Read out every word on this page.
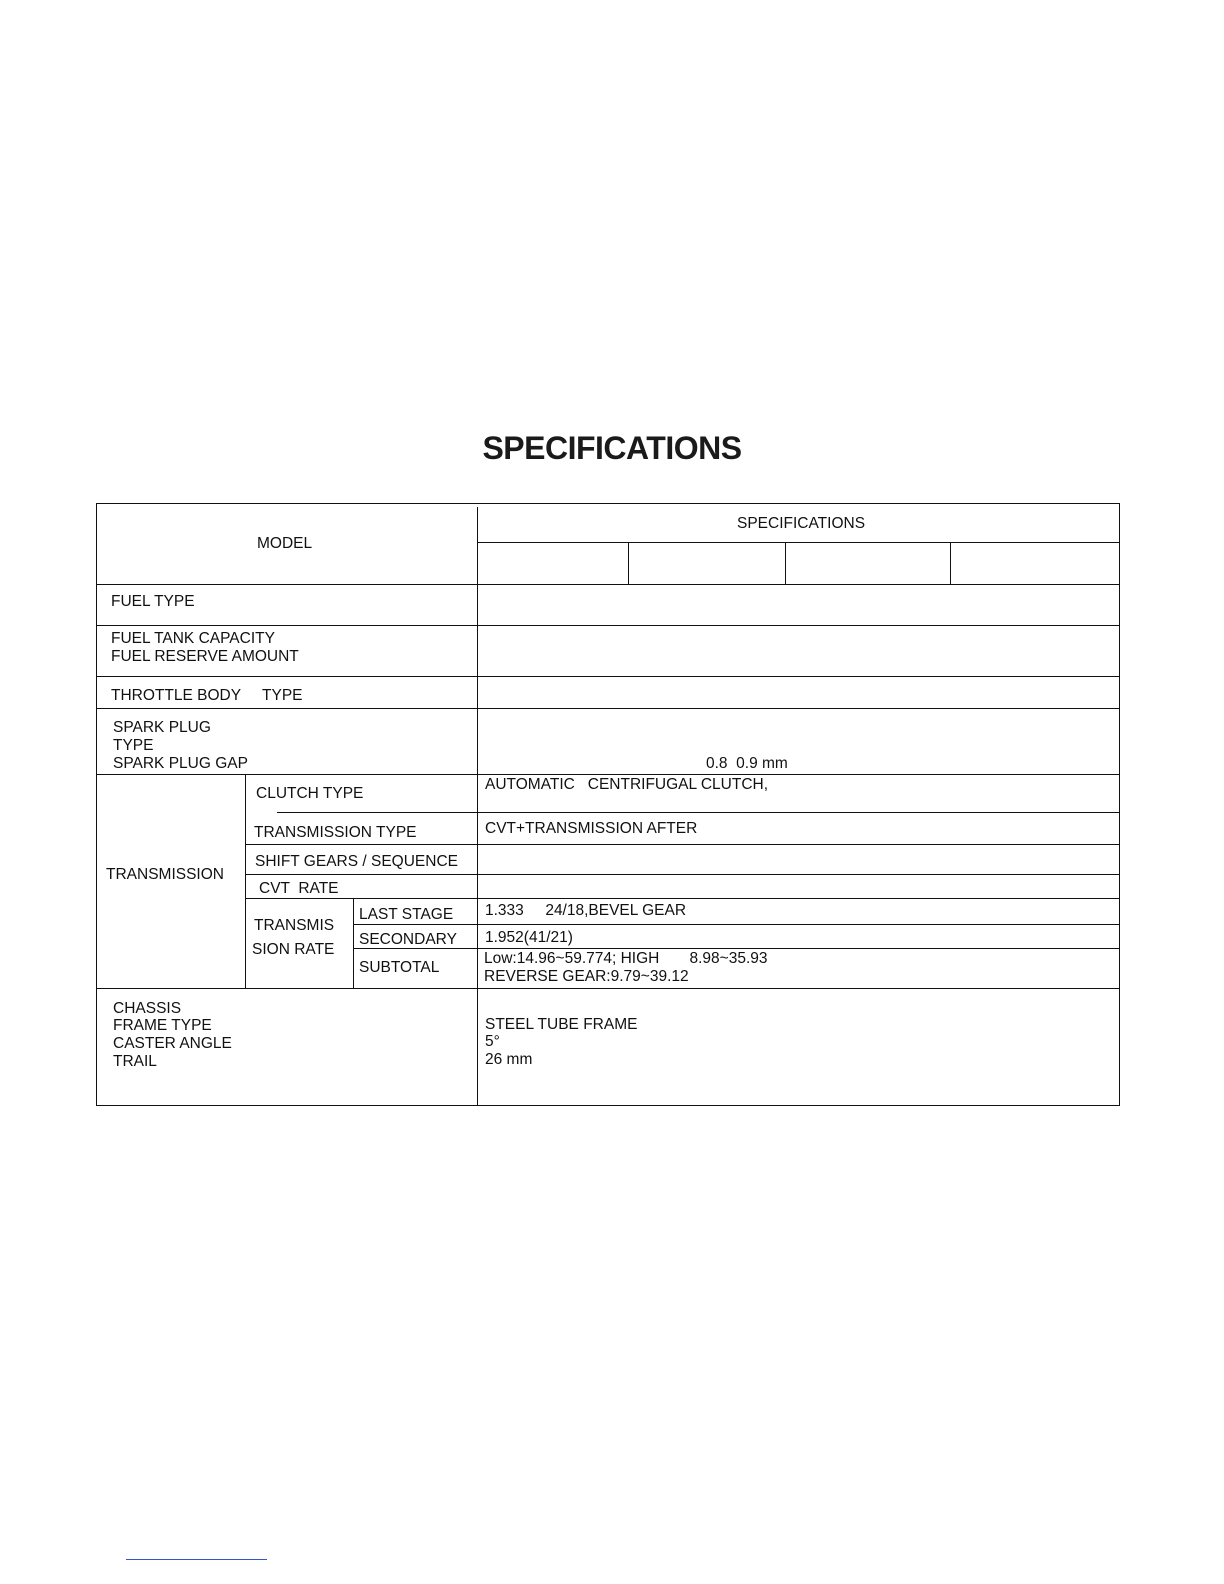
SPECIFICATIONS
MODEL
SPECIFICATIONS
FUEL TYPE
FUEL TANK CAPACITY
FUEL RESERVE AMOUNT
THROTTLE BODY     TYPE
SPARK PLUG
TYPE
SPARK PLUG GAP	0.8  0.9 mm
TRANSMISSION
CLUTCH TYPE
AUTOMATIC   CENTRIFUGAL CLUTCH,
TRANSMISSION TYPE	CVT+TRANSMISSION AFTER
SHIFT GEARS / SEQUENCE
CVT  RATE
TRANSMIS
SION RATE
LAST STAGE 1.333     24/18,BEVEL GEAR
SECONDARY 1.952(41/21)
SUBTOTAL
Low:14.96~59.774; HIGH       8.98~35.93
REVERSE GEAR:9.79~39.12
CHASSIS
FRAME TYPE
CASTER ANGLE
TRAIL
STEEL TUBE FRAME
5°
26 mm
